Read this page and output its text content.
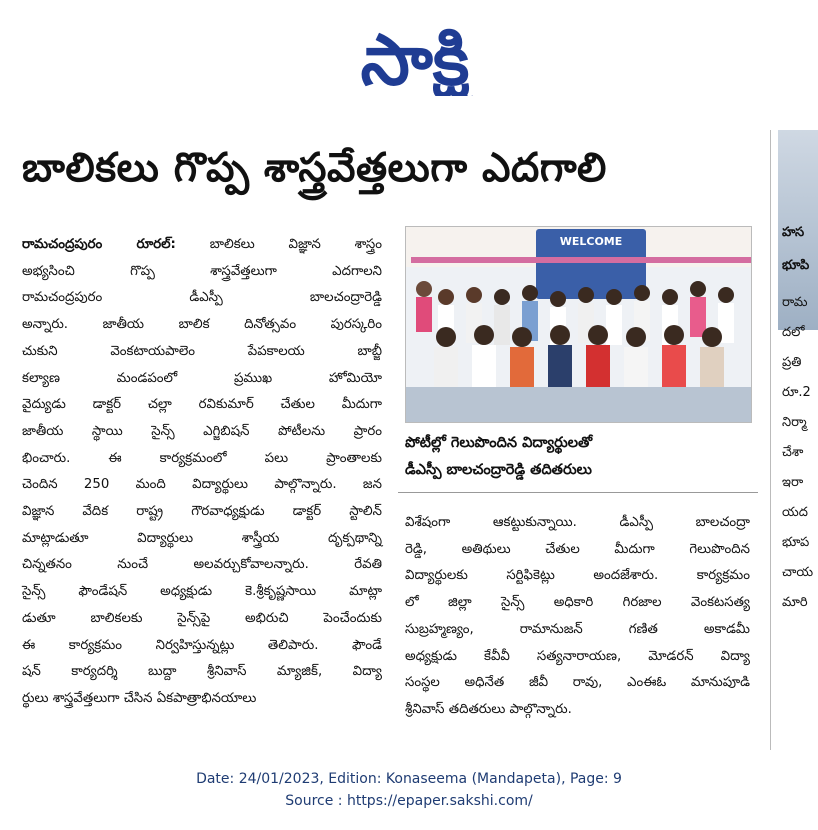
సాక్షి
బాలికలు గొప్ప శాస్త్రవేత్తలుగా ఎదగాలి

రామచంద్రపురం రూరల్:	బాలికలు విజ్ఞాన శాస్త్రం

అభ్యసించి గొప్ప శాస్త్రవేత్తలుగా ఎదగాలని

రామచంద్రపురం డీఎస్పీ బాలచంద్రారెడ్డి

అన్నారు. జాతీయ బాలిక దినోత్సవం పురస్కరిం

చుకుని వెంకటాయపాలెం పేపకాలయ బాబ్జీ

కల్యాణ మండపంలో ప్రముఖ హోమియో

వైద్యుడు డాక్టర్ చల్లా రవికుమార్ చేతుల మీదుగా

జాతీయ స్థాయి సైన్స్ ఎగ్జిబిషన్ పోటీలను ప్రారం

భించారు. ఈ కార్యక్రమంలో పలు ప్రాంతాలకు

చెందిన 250 మంది విద్యార్థులు పాల్గొన్నారు. జన

విజ్ఞాన వేదిక రాష్ట్ర గౌరవాధ్యక్షుడు డాక్టర్ స్టాలిన్

మాట్లాడుతూ విద్యార్థులు శాస్త్రీయ దృక్పథాన్ని

చిన్నతనం నుంచే అలవర్చుకోవాలన్నారు. రేవతి

సైన్స్ ఫౌండేషన్ అధ్యక్షుడు కె.శ్రీకృష్ణసాయి మాట్లా

డుతూ బాలికలకు సైన్స్‌పై అభిరుచి పెంచేందుకు

ఈ కార్యక్రమం నిర్వహిస్తున్నట్లు తెలిపారు. ఫౌండే

షన్ కార్యదర్శి బుద్దా శ్రీనివాస్ మ్యాజిక్, విద్యా

ర్థులు శాస్త్రవేత్తలుగా చేసిన ఏకపాత్రాభినయాలు

WELCOME
పోటీల్లో గెలుపొందిన విద్యార్థులతో
డీఎస్పీ బాలచంద్రారెడ్డి తదితరులు

విశేషంగా ఆకట్టుకున్నాయి. డీఎస్పీ బాలచంద్రా

రెడ్డి, అతిథులు చేతుల మీదుగా గెలుపొందిన

విద్యార్థులకు సర్టిఫికెట్లు అందజేశారు. కార్యక్రమం

లో జిల్లా సైన్స్ అధికారి గిరజాల వెంకటసత్య

సుబ్రహ్మణ్యం, రామానుజన్ గణిత అకాడమీ

అధ్యక్షుడు కేవీవీ సత్యనారాయణ, మోడరన్ విద్యా

సంస్థల అధినేత జీవీ రావు, ఎంఈఓ మానుపూడి

శ్రీనివాస్ తదితరులు పాల్గొన్నారు.

హస
భూపి
రామ
దలో
ప్రతి
రూ.2
నిర్మా
చేశా
ఇరా
యద
భూప
చాయ
మారి
Date: 24/01/2023, Edition: Konaseema (Mandapeta), Page: 9
Source : https://epaper.sakshi.com/
